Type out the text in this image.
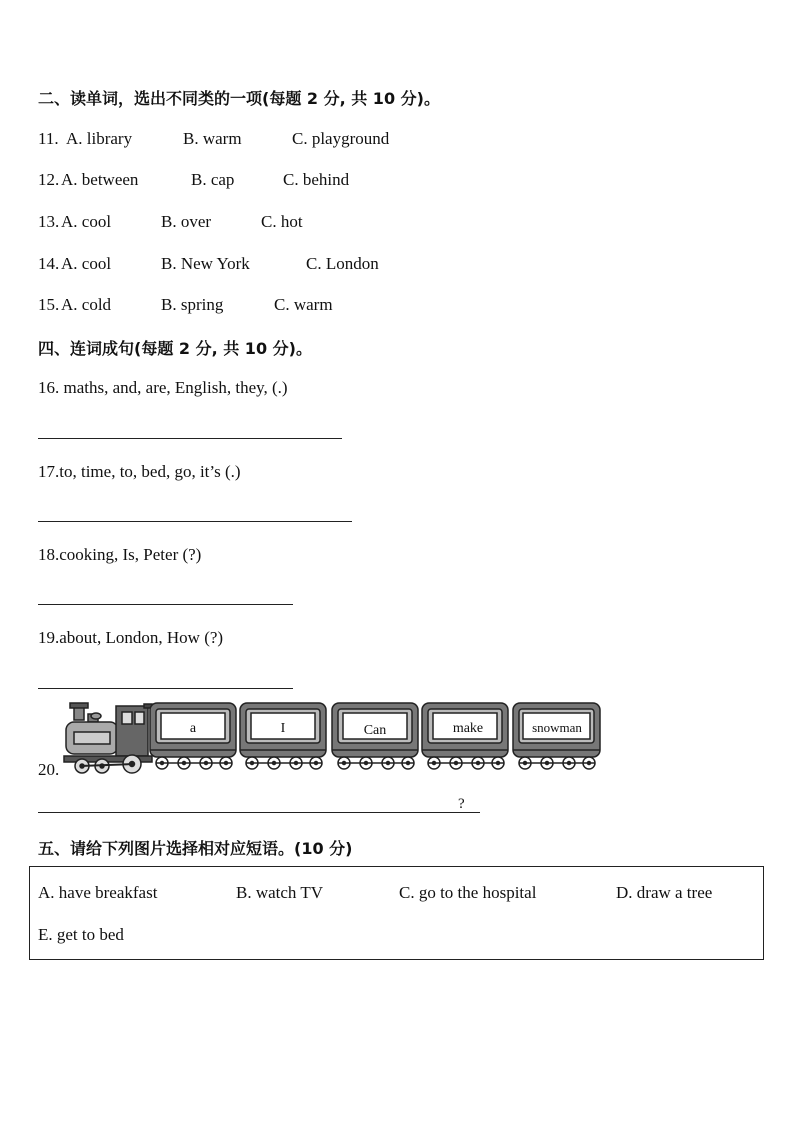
二、读单词，选出不同类的一项(每题 2 分, 共 10 分)。
11. A. library	B. warm	C. playground
12. A. between	B. cap	C. behind
13. A. cool	B. over	C. hot
14. A. cool	B. New York	C. London
15. A. cold	B. spring	C. warm
四、连词成句(每题 2 分, 共 10 分)。
16. maths, and, are, English, they, (.)
17.to, time, to, bed, go, it’s (.)
18.cooking, Is, Peter (?)
19.about, London, How (?)
20.
a	I	Can	make	snowman
?
五、请给下列图片选择相对应短语。(10 分)
A. have breakfast	B. watch TV	C. go to the hospital	D. draw a tree
E. get to bed
